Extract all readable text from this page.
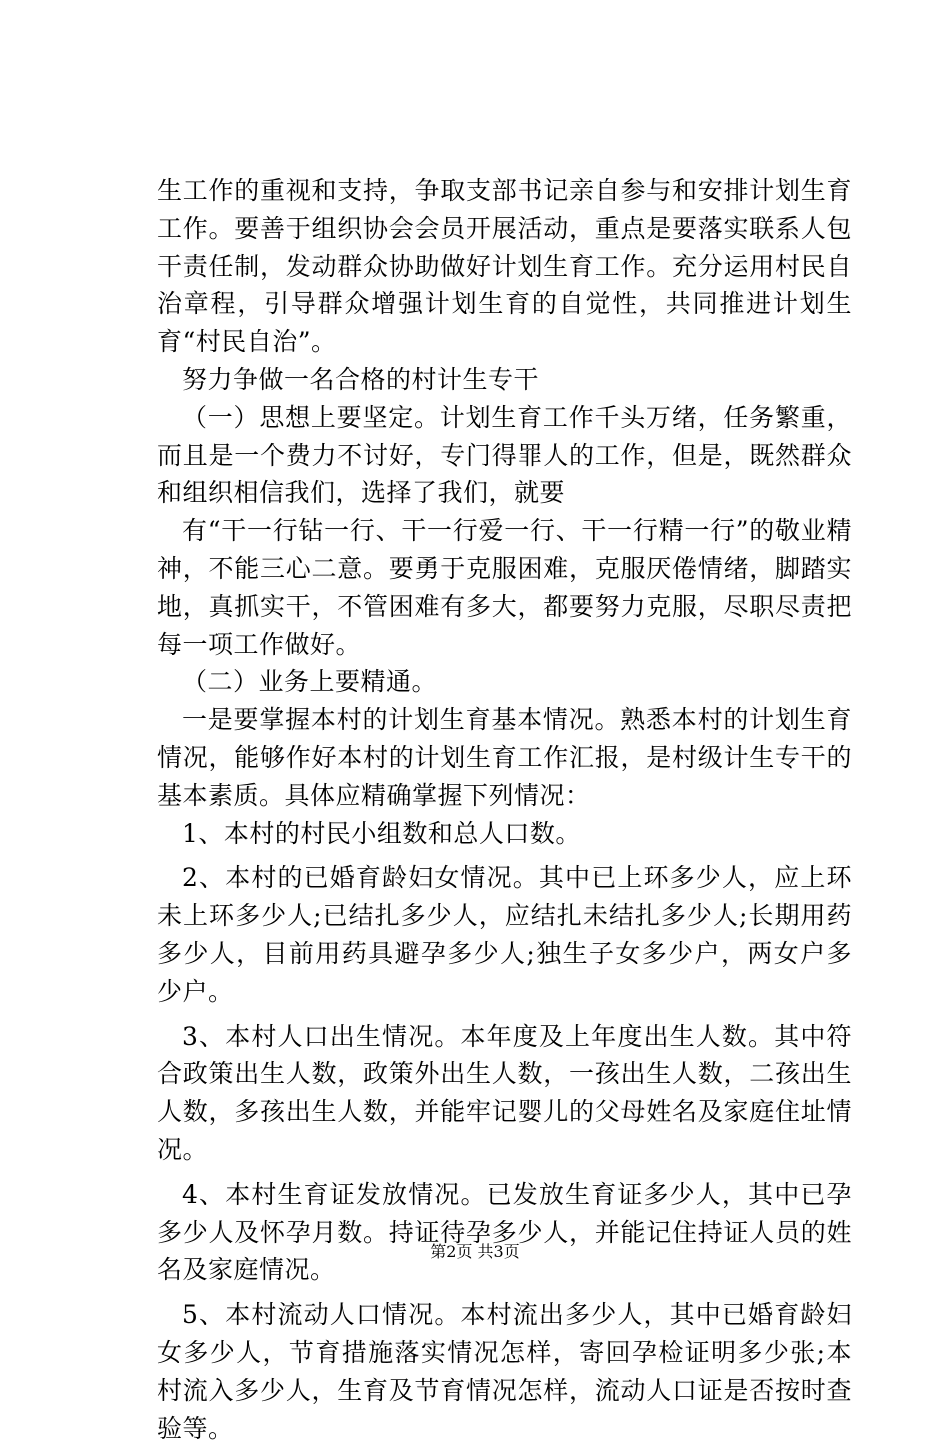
生工作的重视和支持，争取支部书记亲自参与和安排计划生育工作。要善于组织协会会员开展活动，重点是要落实联系人包干责任制，发动群众协助做好计划生育工作。充分运用村民自治章程，引导群众增强计划生育的自觉性，共同推进计划生育“村民自治”。

努力争做一名合格的村计生专干

（一）思想上要坚定。计划生育工作千头万绪，任务繁重，而且是一个费力不讨好，专门得罪人的工作，但是，既然群众和组织相信我们，选择了我们，就要

有“干一行钻一行、干一行爱一行、干一行精一行”的敬业精神，不能三心二意。要勇于克服困难，克服厌倦情绪，脚踏实地，真抓实干，不管困难有多大，都要努力克服，尽职尽责把每一项工作做好。

（二）业务上要精通。

一是要掌握本村的计划生育基本情况。熟悉本村的计划生育情况，能够作好本村的计划生育工作汇报，是村级计生专干的基本素质。具体应精确掌握下列情况：

1、本村的村民小组数和总人口数。

2、本村的已婚育龄妇女情况。其中已上环多少人，应上环未上环多少人;已结扎多少人，应结扎未结扎多少人;长期用药多少人，目前用药具避孕多少人;独生子女多少户，两女户多少户。

3、本村人口出生情况。本年度及上年度出生人数。其中符合政策出生人数，政策外出生人数，一孩出生人数，二孩出生人数，多孩出生人数，并能牢记婴儿的父母姓名及家庭住址情况。

4、本村生育证发放情况。已发放生育证多少人，其中已孕多少人及怀孕月数。持证待孕多少人，并能记住持证人员的姓名及家庭情况。

5、本村流动人口情况。本村流出多少人，其中已婚育龄妇女多少人，节育措施落实情况怎样，寄回孕检证明多少张;本村流入多少人，生育及节育情况怎样，流动人口证是否按时查验等。

第2页 共3页
